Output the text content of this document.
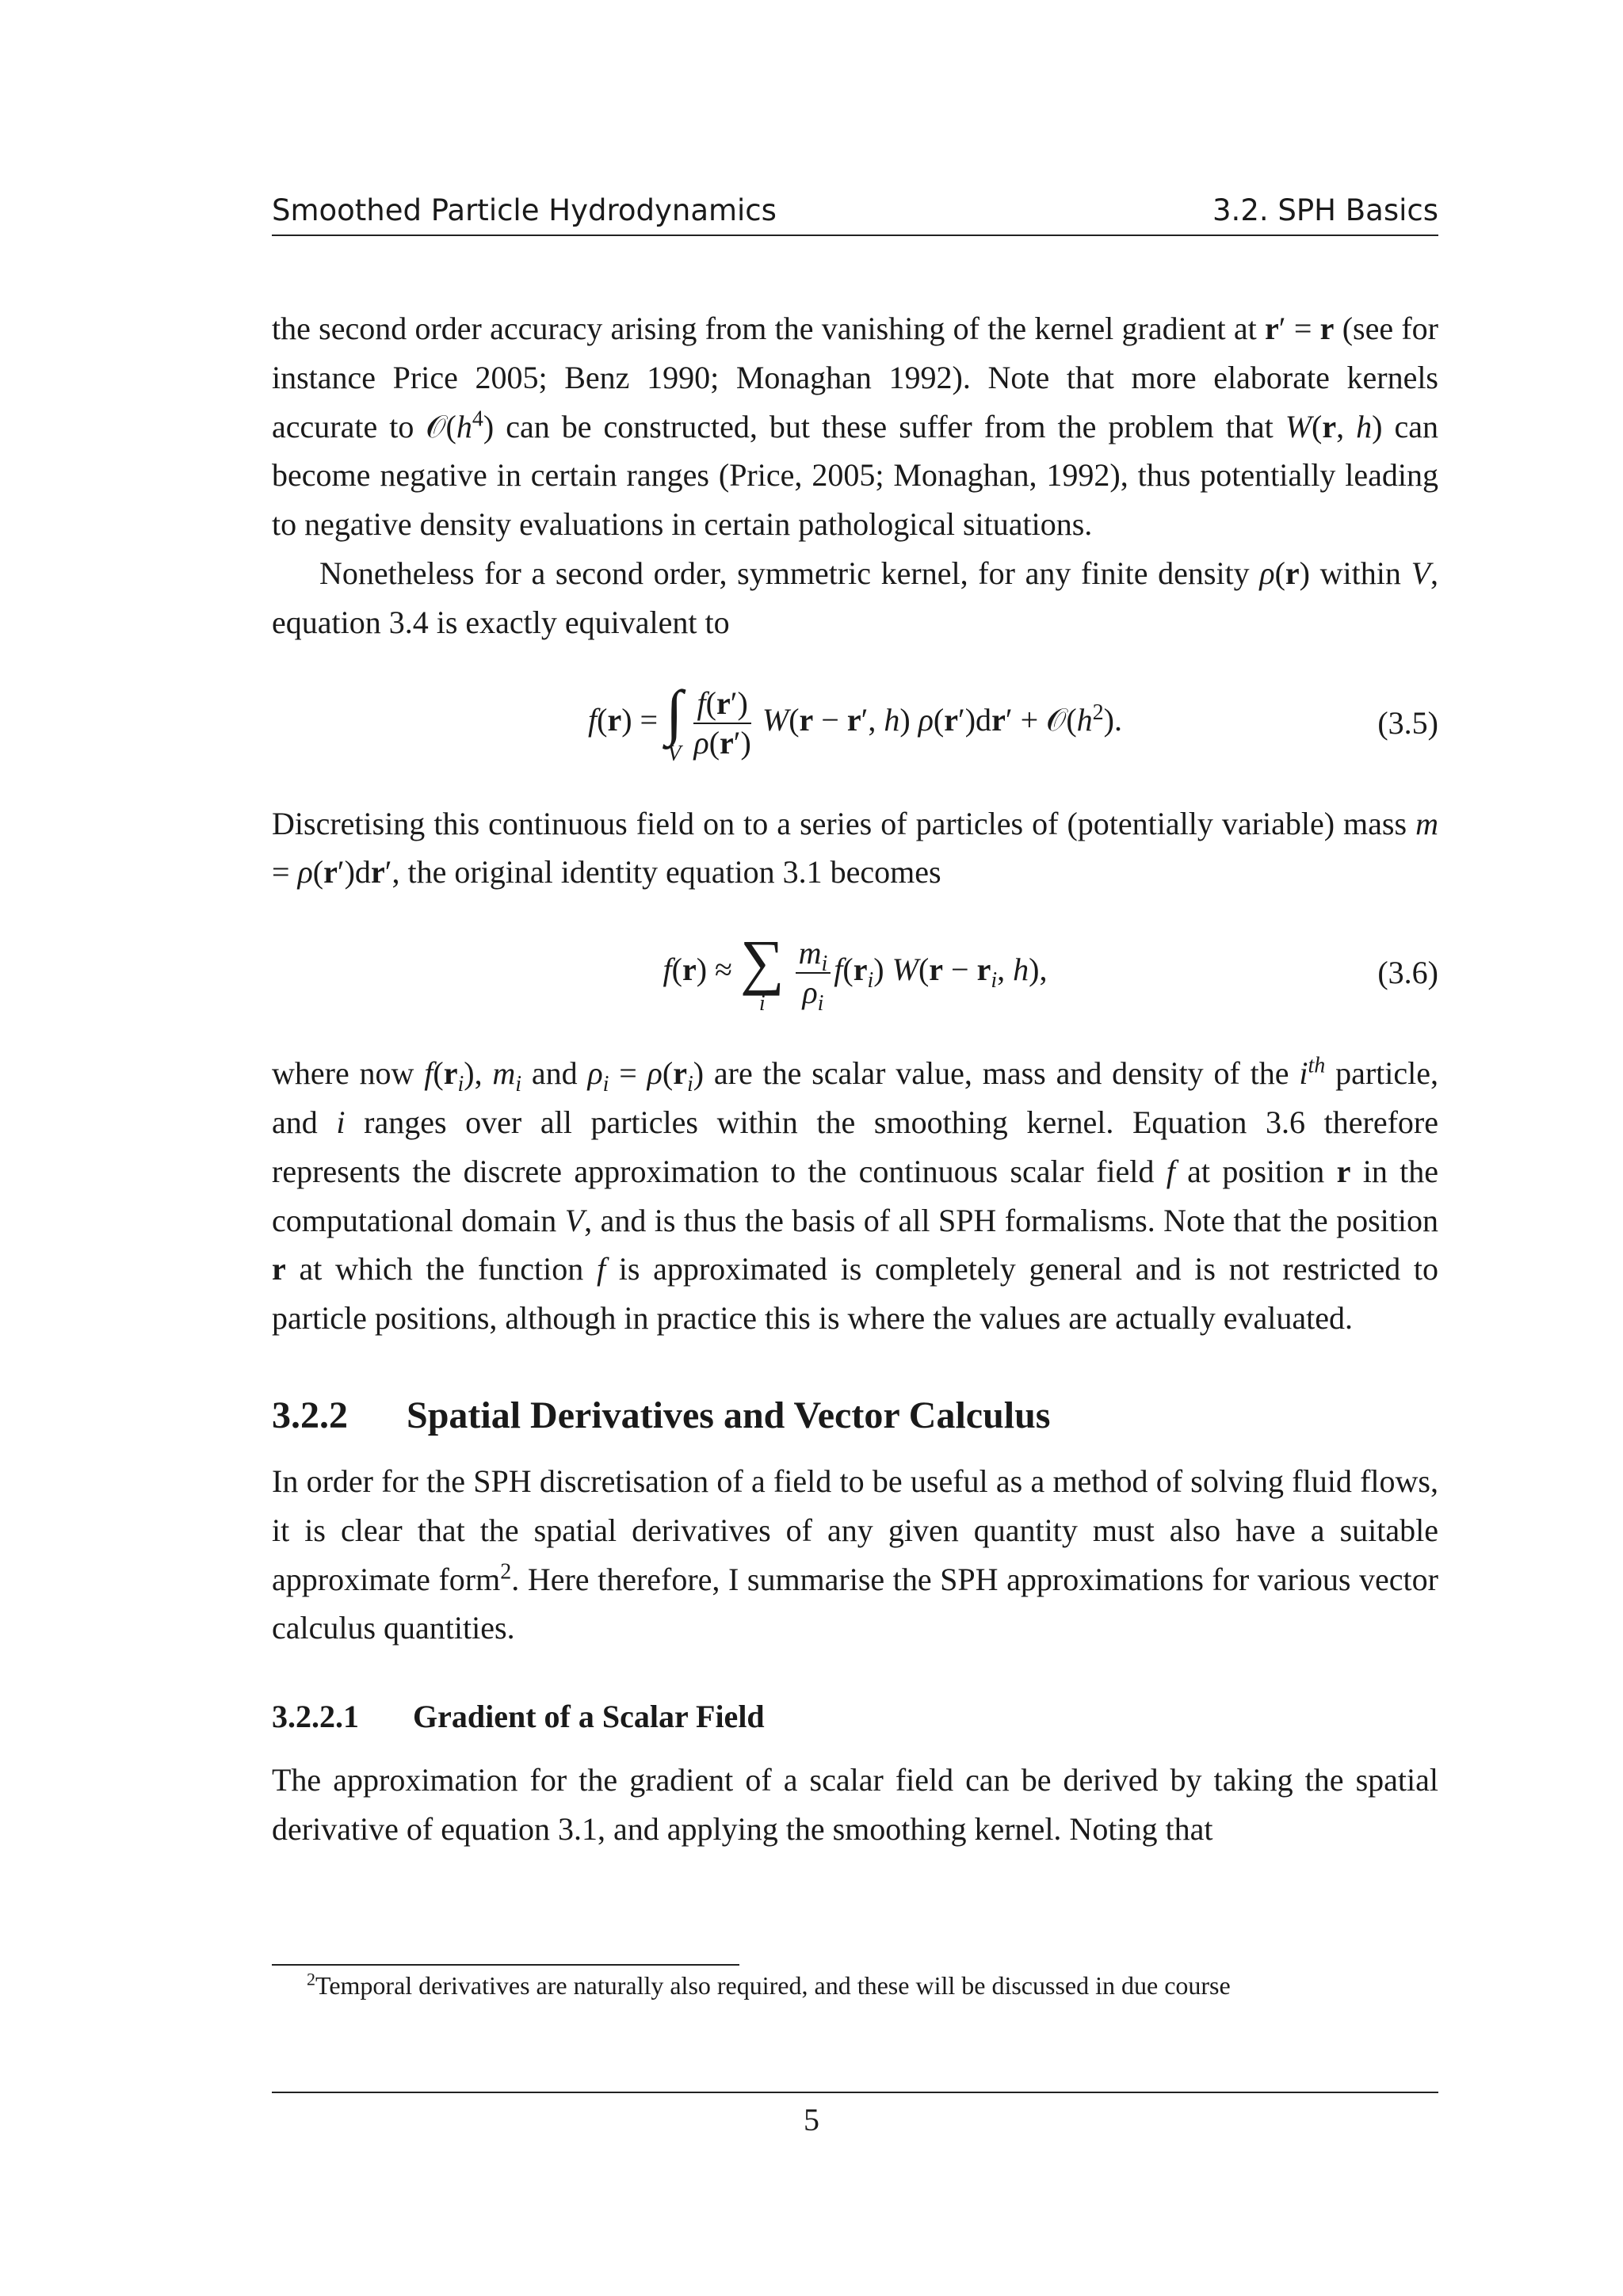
Smoothed Particle Hydrodynamics	3.2. SPH Basics

the second order accuracy arising from the vanishing of the kernel gradient at r′ = r (see for instance Price 2005; Benz 1990; Monaghan 1992). Note that more elaborate kernels accurate to $𝒪(h^4)$ can be constructed, but these suffer from the problem that W(r, h) can become negative in certain ranges (Price, 2005; Monaghan, 1992), thus potentially leading to negative density evaluations in certain pathological situations.

Nonetheless for a second order, symmetric kernel, for any finite density ρ(r) within V, equation 3.4 is exactly equivalent to

f(r) = ∫
V
$\frac{f(r')}{\rho(r')} W(r - r'$, h) $\rho(r')dr' + 𝒪(h^2)$.	(3.5)

Discretising this continuous field on to a series of particles of (potentially variable) mass m = ρ(r′)dr′, the original identity equation 3.1 becomes

f(r) ≈ ∑
i
$\frac{m_i}{\rho_i} f(r_i) W(r - r_i$, h),	(3.6)

where now $f(r_i)$, $m_i$ and $\rho_i = \rho(r_i)$ are the scalar value, mass and density of the $i^{th}$ particle, and i ranges over all particles within the smoothing kernel. Equation 3.6 therefore represents the discrete approximation to the continuous scalar field f at position r in the computational domain V, and is thus the basis of all SPH formalisms. Note that the position r at which the function f is approximated is completely general and is not restricted to particle positions, although in practice this is where the values are actually evaluated.

3.2.2 Spatial Derivatives and Vector Calculus

In order for the SPH discretisation of a field to be useful as a method of solving fluid flows, it is clear that the spatial derivatives of any given quantity must also have a suitable approximate form$^2$. Here therefore, I summarise the SPH approximations for various vector calculus quantities.

3.2.2.1 Gradient of a Scalar Field

The approximation for the gradient of a scalar field can be derived by taking the spatial derivative of equation 3.1, and applying the smoothing kernel. Noting that

$^2$Temporal derivatives are naturally also required, and these will be discussed in due course
5
